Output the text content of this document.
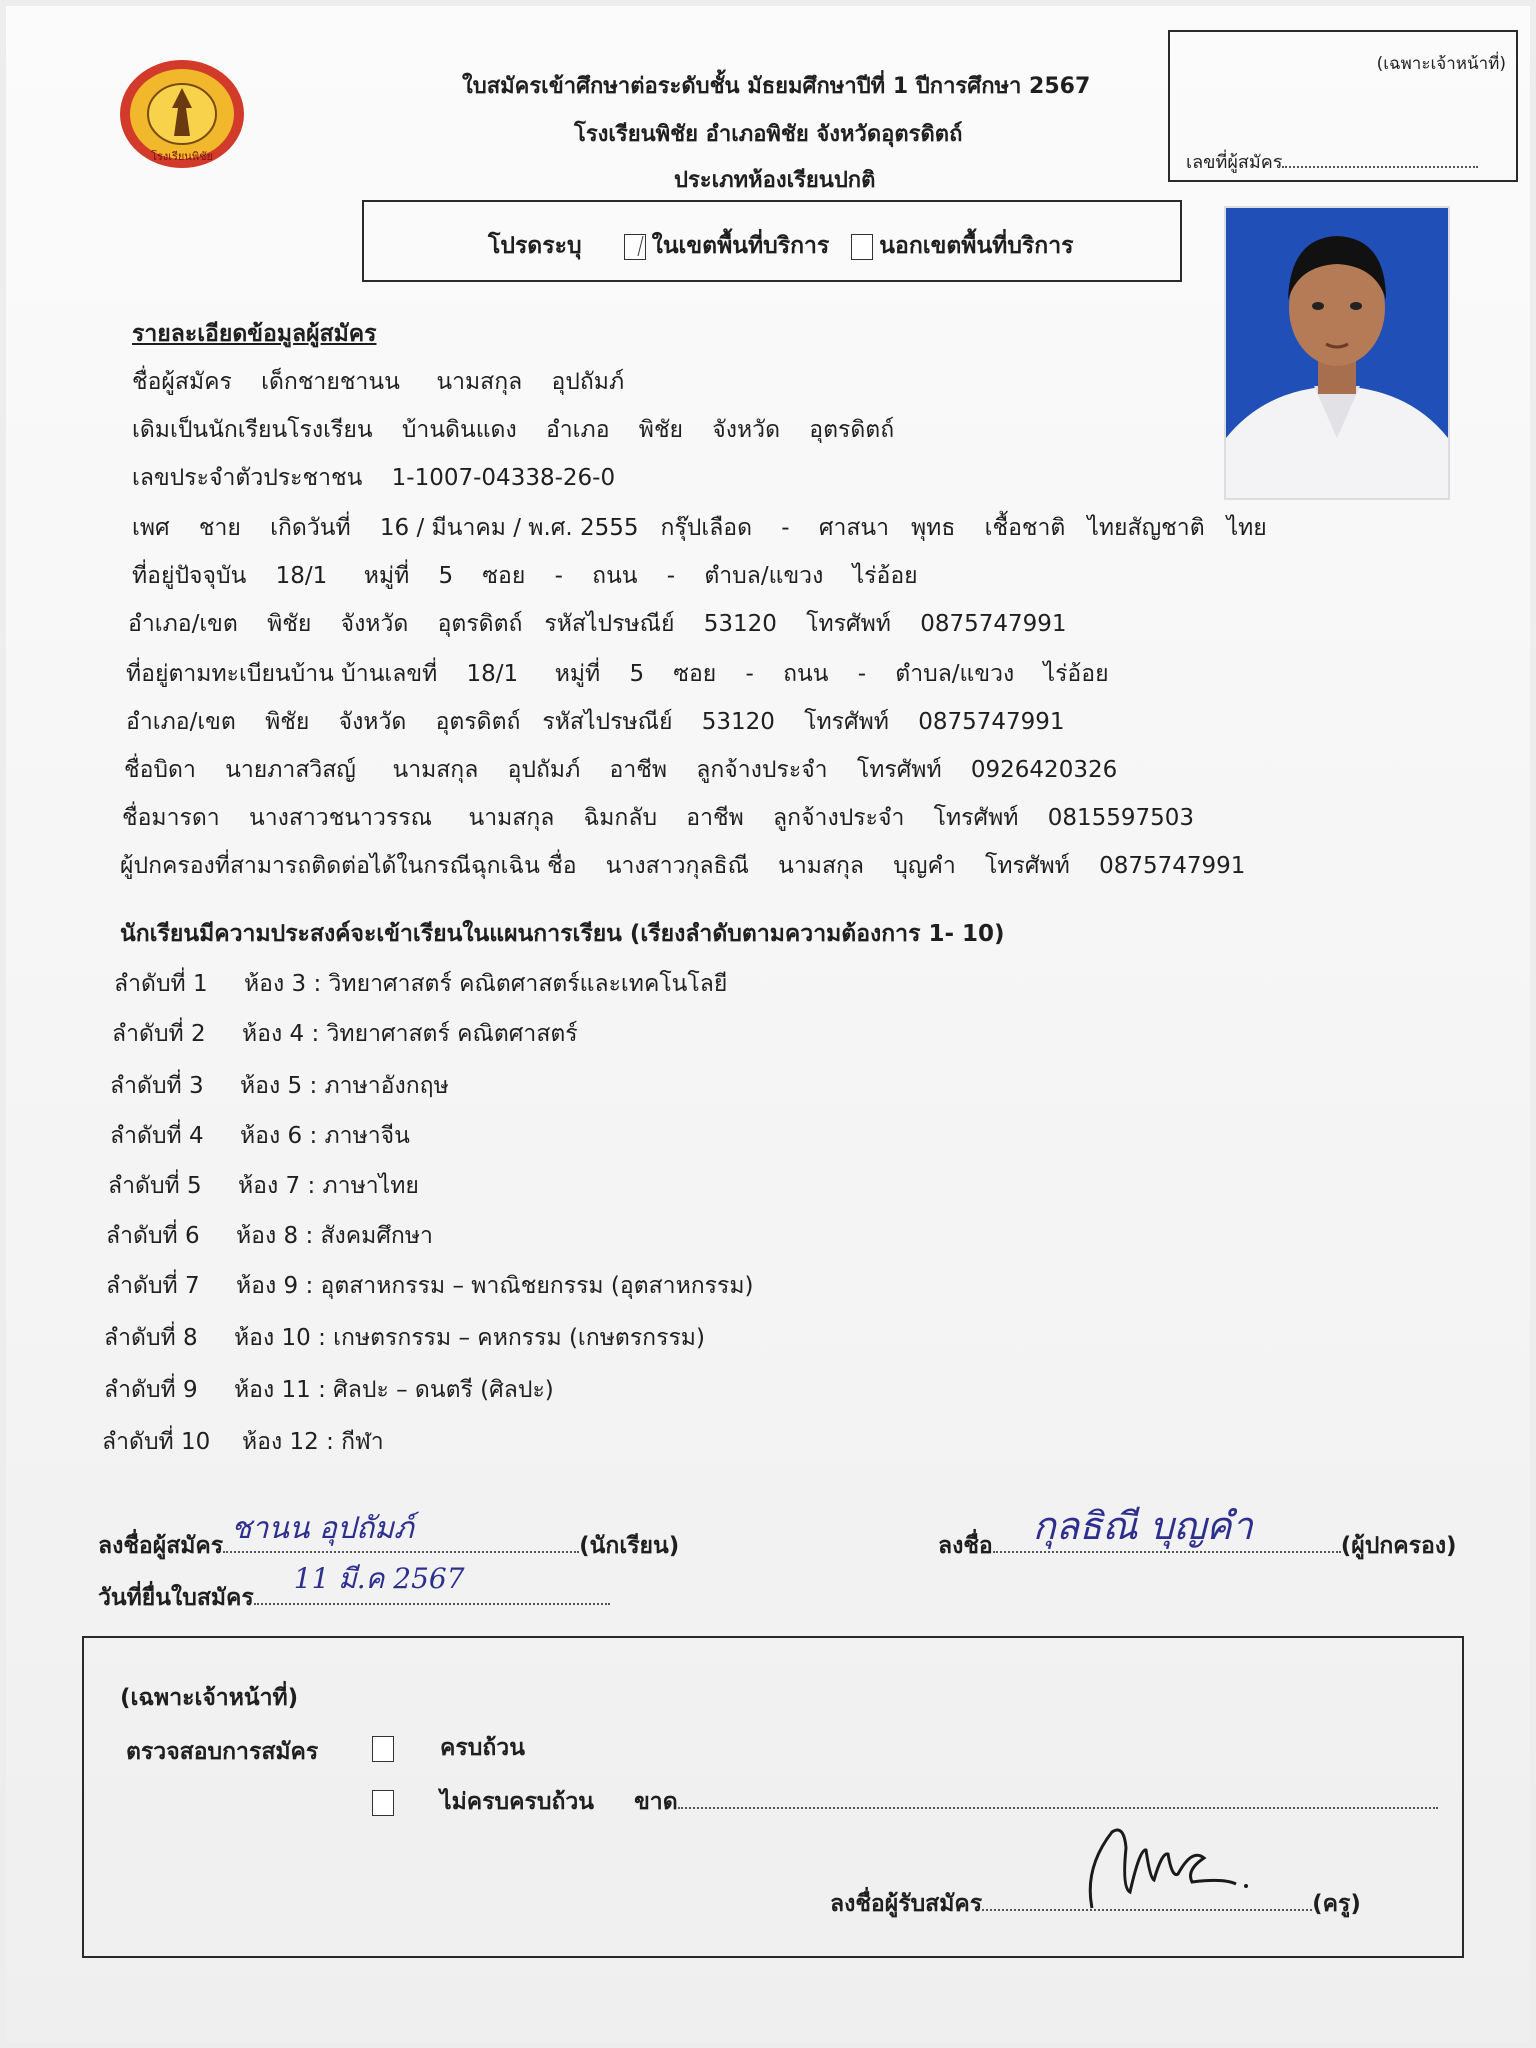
โรงเรียนพิชัย
ใบสมัครเข้าศึกษาต่อระดับชั้น มัธยมศึกษาปีที่ 1 ปีการศึกษา 2567
โรงเรียนพิชัย อำเภอพิชัย จังหวัดอุตรดิตถ์
ประเภทห้องเรียนปกติ
(เฉพาะเจ้าหน้าที่)
เลขที่ผู้สมัคร
โปรดระบุ	ในเขตพื้นที่บริการ นอกเขตพื้นที่บริการ
รายละเอียดข้อมูลผู้สมัคร
ชื่อผู้สมัคร เด็กชายชานน นามสกุล อุปถัมภ์
เดิมเป็นนักเรียนโรงเรียน บ้านดินแดง อำเภอ พิชัย จังหวัด อุตรดิตถ์
เลขประจำตัวประชาชน 1-1007-04338-26-0
เพศ ชาย เกิดวันที่ 16 / มีนาคม / พ.ศ. 2555 กรุ๊ปเลือด - ศาสนา พุทธ เชื้อชาติ ไทยสัญชาติ ไทย
ที่อยู่ปัจจุบัน 18/1 หมู่ที่ 5 ซอย - ถนน - ตำบล/แขวง ไร่อ้อย
อำเภอ/เขต พิชัย จังหวัด อุตรดิตถ์ รหัสไปรษณีย์ 53120 โทรศัพท์ 0875747991
ที่อยู่ตามทะเบียนบ้าน บ้านเลขที่ 18/1 หมู่ที่ 5 ซอย - ถนน - ตำบล/แขวง ไร่อ้อย
อำเภอ/เขต พิชัย จังหวัด อุตรดิตถ์ รหัสไปรษณีย์ 53120 โทรศัพท์ 0875747991
ชื่อบิดา นายภาสวิสญ์ นามสกุล อุปถัมภ์ อาชีพ ลูกจ้างประจำ โทรศัพท์ 0926420326
ชื่อมารดา นางสาวชนาวรรณ นามสกุล ฉิมกลับ อาชีพ ลูกจ้างประจำ โทรศัพท์ 0815597503
ผู้ปกครองที่สามารถติดต่อได้ในกรณีฉุกเฉิน ชื่อ นางสาวกุลธิณี นามสกุล บุญคำ โทรศัพท์ 0875747991
นักเรียนมีความประสงค์จะเข้าเรียนในแผนการเรียน (เรียงลำดับตามความต้องการ 1- 10)
ลำดับที่ 1 ห้อง 3 : วิทยาศาสตร์ คณิตศาสตร์และเทคโนโลยี
ลำดับที่ 2 ห้อง 4 : วิทยาศาสตร์ คณิตศาสตร์
ลำดับที่ 3 ห้อง 5 : ภาษาอังกฤษ
ลำดับที่ 4 ห้อง 6 : ภาษาจีน
ลำดับที่ 5 ห้อง 7 : ภาษาไทย
ลำดับที่ 6 ห้อง 8 : สังคมศึกษา
ลำดับที่ 7 ห้อง 9 : อุตสาหกรรม – พาณิชยกรรม (อุตสาหกรรม)
ลำดับที่ 8 ห้อง 10 : เกษตรกรรม – คหกรรม (เกษตรกรรม)
ลำดับที่ 9 ห้อง 11 : ศิลปะ – ดนตรี (ศิลปะ)
ลำดับที่ 10 ห้อง 12 : กีฬา
ลงชื่อผู้สมัคร ชานน อุปถัมภ์	(นักเรียน)
วันที่ยื่นใบสมัคร
11 มี.ค 2567
ลงชื่อ กุลธิณี บุญคำ	(ผู้ปกครอง)
(เฉพาะเจ้าหน้าที่)
ตรวจสอบการสมัคร	ครบถ้วน
ไม่ครบครบถ้วน ขาด
ลงชื่อผู้รับสมัคร	(ครู)
